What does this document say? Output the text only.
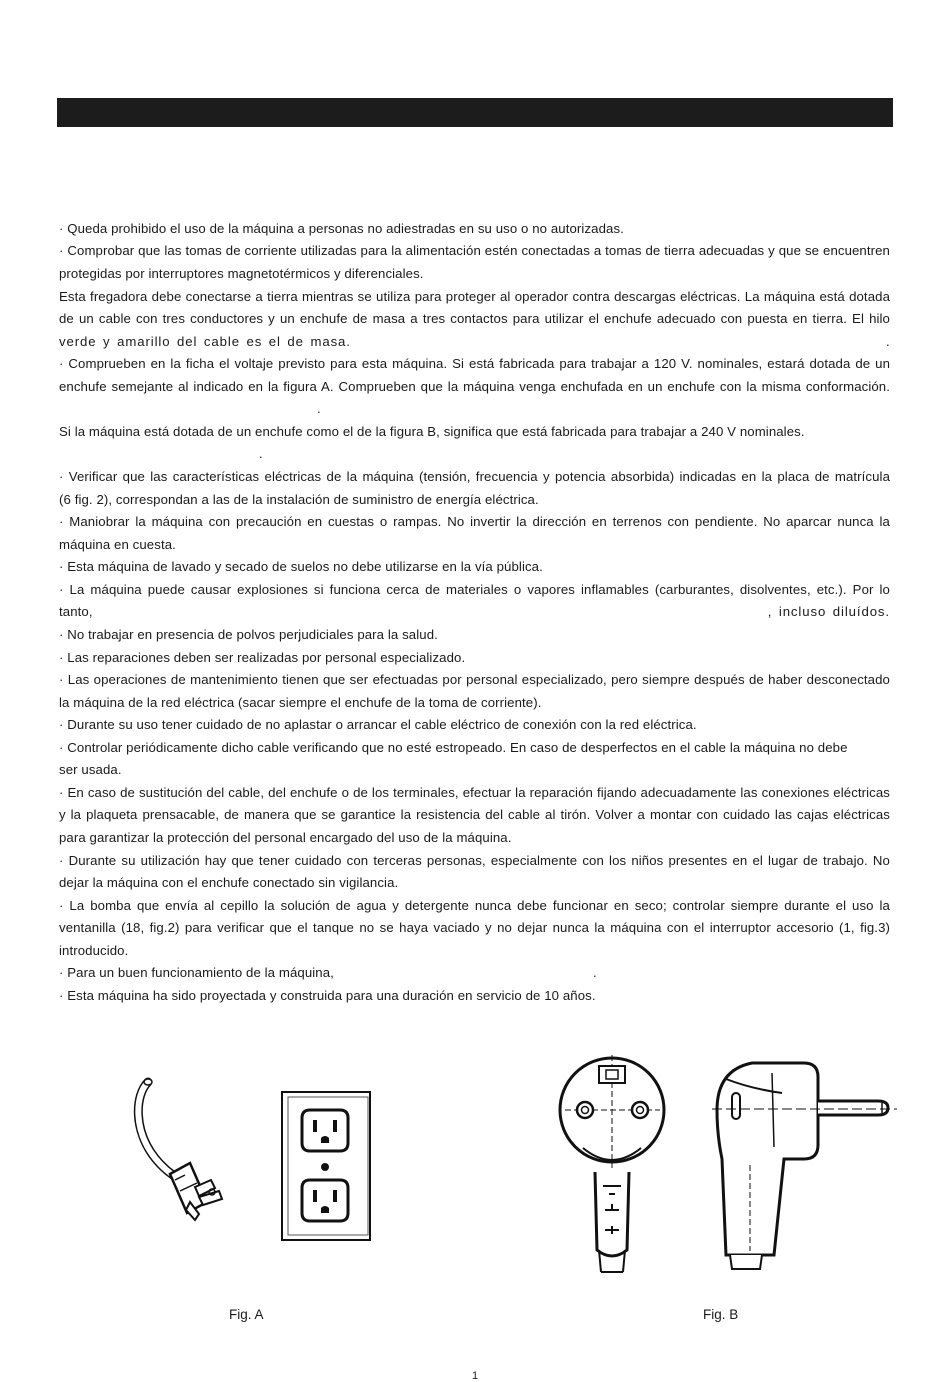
· Queda prohibido el uso de la máquina a personas no adiestradas en su uso o no autorizadas.
· Comprobar que las tomas de corriente utilizadas para la alimentación estén conectadas a tomas de tierra adecuadas y que se encuentren
protegidas por interruptores magnetotérmicos y diferenciales.
Esta fregadora debe conectarse a tierra mientras se utiliza para proteger al operador contra descargas eléctricas. La máquina está dotada
de un cable con tres conductores y un enchufe de masa a tres contactos para utilizar el enchufe adecuado con puesta en tierra. El hilo
verde y amarillo del cable es el de masa.	.
· Comprueben en la ficha el voltaje previsto para esta máquina. Si está fabricada para trabajar a 120 V. nominales, estará dotada de un
enchufe semejante al indicado en la figura A. Comprueben que la máquina venga enchufada en un enchufe con la misma conformación.
.
Si la máquina está dotada de un enchufe como el de la figura B, significa que está fabricada para trabajar a 240 V nominales.
.
· Verificar que las características eléctricas de la máquina (tensión, frecuencia y potencia absorbida) indicadas en la placa de matrícula
(6 fig. 2), correspondan a las de la instalación de suministro de energía eléctrica.
· Maniobrar la máquina con precaución en cuestas o rampas. No invertir la dirección en terrenos con pendiente. No aparcar nunca la
máquina en cuesta.
· Esta máquina de lavado y secado de suelos no debe utilizarse en la vía pública.
· La máquina puede causar explosiones si funciona cerca de materiales o vapores inflamables (carburantes, disolventes, etc.). Por lo
tanto,	, incluso diluídos.
· No trabajar en presencia de polvos perjudiciales para la salud.
· Las reparaciones deben ser realizadas por personal especializado.
· Las operaciones de mantenimiento tienen que ser efectuadas por personal especializado, pero siempre después de haber desconectado
la máquina de la red eléctrica (sacar siempre el enchufe de la toma de corriente).
· Durante su uso tener cuidado de no aplastar o arrancar el cable eléctrico de conexión con la red eléctrica.
· Controlar periódicamente dicho cable verificando que no esté estropeado. En caso de desperfectos en el cable la máquina no debe
ser usada.
· En caso de sustitución del cable, del enchufe o de los terminales, efectuar la reparación fijando adecuadamente las conexiones eléctricas
y la plaqueta prensacable, de manera que se garantice la resistencia del cable al tirón. Volver a montar con cuidado las cajas eléctricas
para garantizar la protección del personal encargado del uso de la máquina.
· Durante su utilización hay que tener cuidado con terceras personas, especialmente con los niños presentes en el lugar de trabajo. No
dejar la máquina con el enchufe conectado sin vigilancia.
· La bomba que envía al cepillo la solución de agua y detergente nunca debe funcionar en seco; controlar siempre durante el uso la
ventanilla (18, fig.2) para verificar que el tanque no se haya vaciado y no dejar nunca la máquina con el interruptor accesorio (1, fig.3)
introducido.
· Para un buen funcionamiento de la máquina,	.
· Esta máquina ha sido proyectada y construida para una duración en servicio de 10 años.
Fig. A	Fig. B
1
